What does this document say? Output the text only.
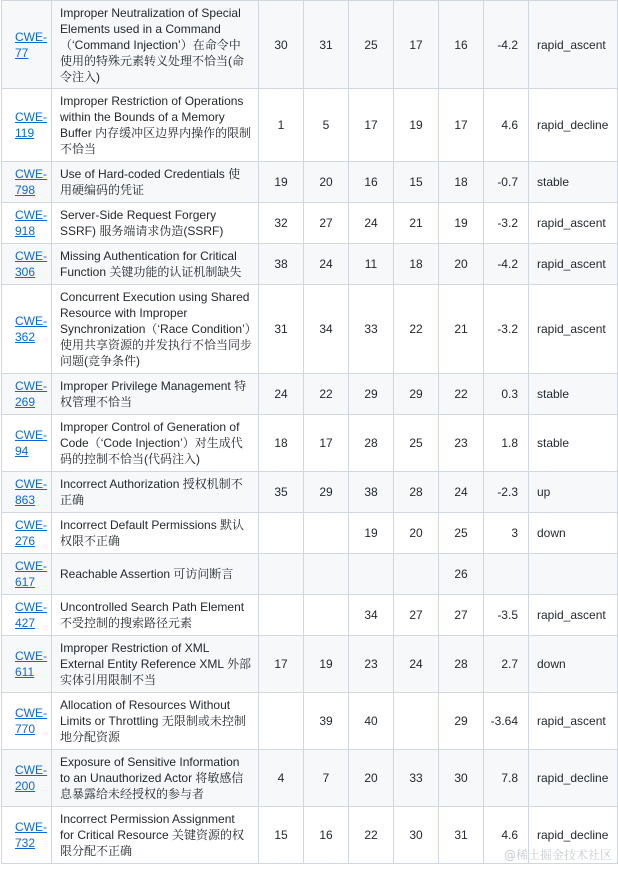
CWE-77	Improper Neutralization of Special Elements used in a Command（‘Command Injection’）在命令中使用的特殊元素转义处理不恰当(命令注入)	30	31	25	17	16	-4.2	rapid_ascent
CWE-119	Improper Restriction of Operations within the Bounds of a Memory Buffer 内存缓冲区边界内操作的限制不恰当	1	5	17	19	17	4.6	rapid_decline
CWE-798	Use of Hard-coded Credentials 使用硬编码的凭证	19	20	16	15	18	-0.7	stable
CWE-918	Server-Side Request Forgery SSRF) 服务端请求伪造(SSRF)	32	27	24	21	19	-3.2	rapid_ascent
CWE-306	Missing Authentication for Critical Function 关键功能的认证机制缺失	38	24	11	18	20	-4.2	rapid_ascent
CWE-362	Concurrent Execution using Shared Resource with Improper Synchronization（‘Race Condition’）使用共享资源的并发执行不恰当同步问题(竞争条件)	31	34	33	22	21	-3.2	rapid_ascent
CWE-269	Improper Privilege Management 特权管理不恰当	24	22	29	29	22	0.3	stable
CWE-94	Improper Control of Generation of Code（‘Code Injection’）对生成代码的控制不恰当(代码注入)	18	17	28	25	23	1.8	stable
CWE-863	Incorrect Authorization 授权机制不正确	35	29	38	28	24	-2.3	up
CWE-276	Incorrect Default Permissions 默认权限不正确			19	20	25	3	down
CWE-617	Reachable Assertion 可访问断言					26		
CWE-427	Uncontrolled Search Path Element 不受控制的搜索路径元素			34	27	27	-3.5	rapid_ascent
CWE-611	Improper Restriction of XML External Entity Reference XML 外部实体引用限制不当	17	19	23	24	28	2.7	down
CWE-770	Allocation of Resources Without Limits or Throttling 无限制或未控制地分配资源		39	40		29	-3.64	rapid_ascent
CWE-200	Exposure of Sensitive Information to an Unauthorized Actor 将敏感信息暴露给未经授权的参与者	4	7	20	33	30	7.8	rapid_decline
CWE-732	Incorrect Permission Assignment for Critical Resource 关键资源的权限分配不正确	15	16	22	30	31	4.6	rapid_decline
@稀土掘金技术社区
